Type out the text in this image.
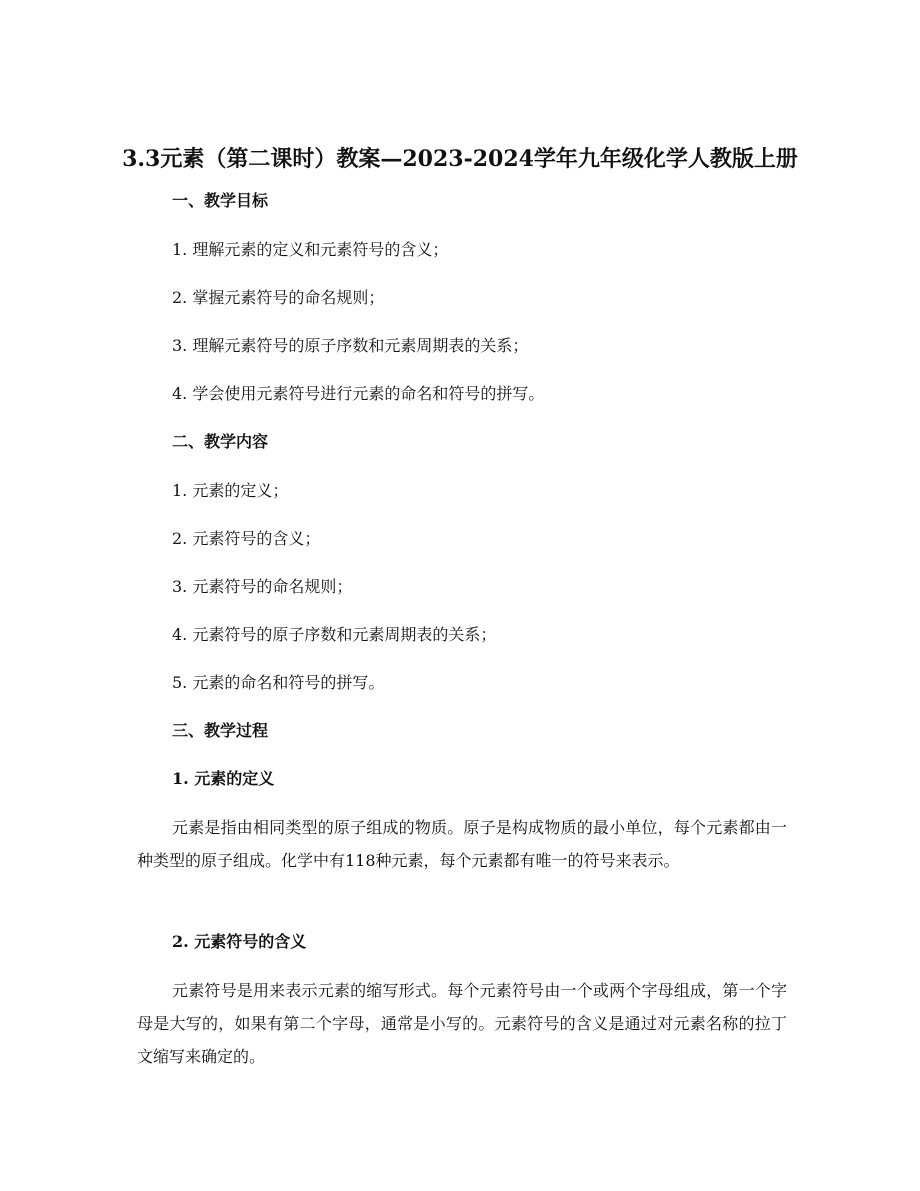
3.3元素（第二课时）教案—2023-2024学年九年级化学人教版上册
一、教学目标
1. 理解元素的定义和元素符号的含义；
2. 掌握元素符号的命名规则；
3. 理解元素符号的原子序数和元素周期表的关系；
4. 学会使用元素符号进行元素的命名和符号的拼写。
二、教学内容
1. 元素的定义；
2. 元素符号的含义；
3. 元素符号的命名规则；
4. 元素符号的原子序数和元素周期表的关系；
5. 元素的命名和符号的拼写。
三、教学过程
1. 元素的定义
元素是指由相同类型的原子组成的物质。原子是构成物质的最小单位，每个元素都由一种类型的原子组成。化学中有118种元素，每个元素都有唯一的符号来表示。
2. 元素符号的含义
元素符号是用来表示元素的缩写形式。每个元素符号由一个或两个字母组成，第一个字母是大写的，如果有第二个字母，通常是小写的。元素符号的含义是通过对元素名称的拉丁文缩写来确定的。
